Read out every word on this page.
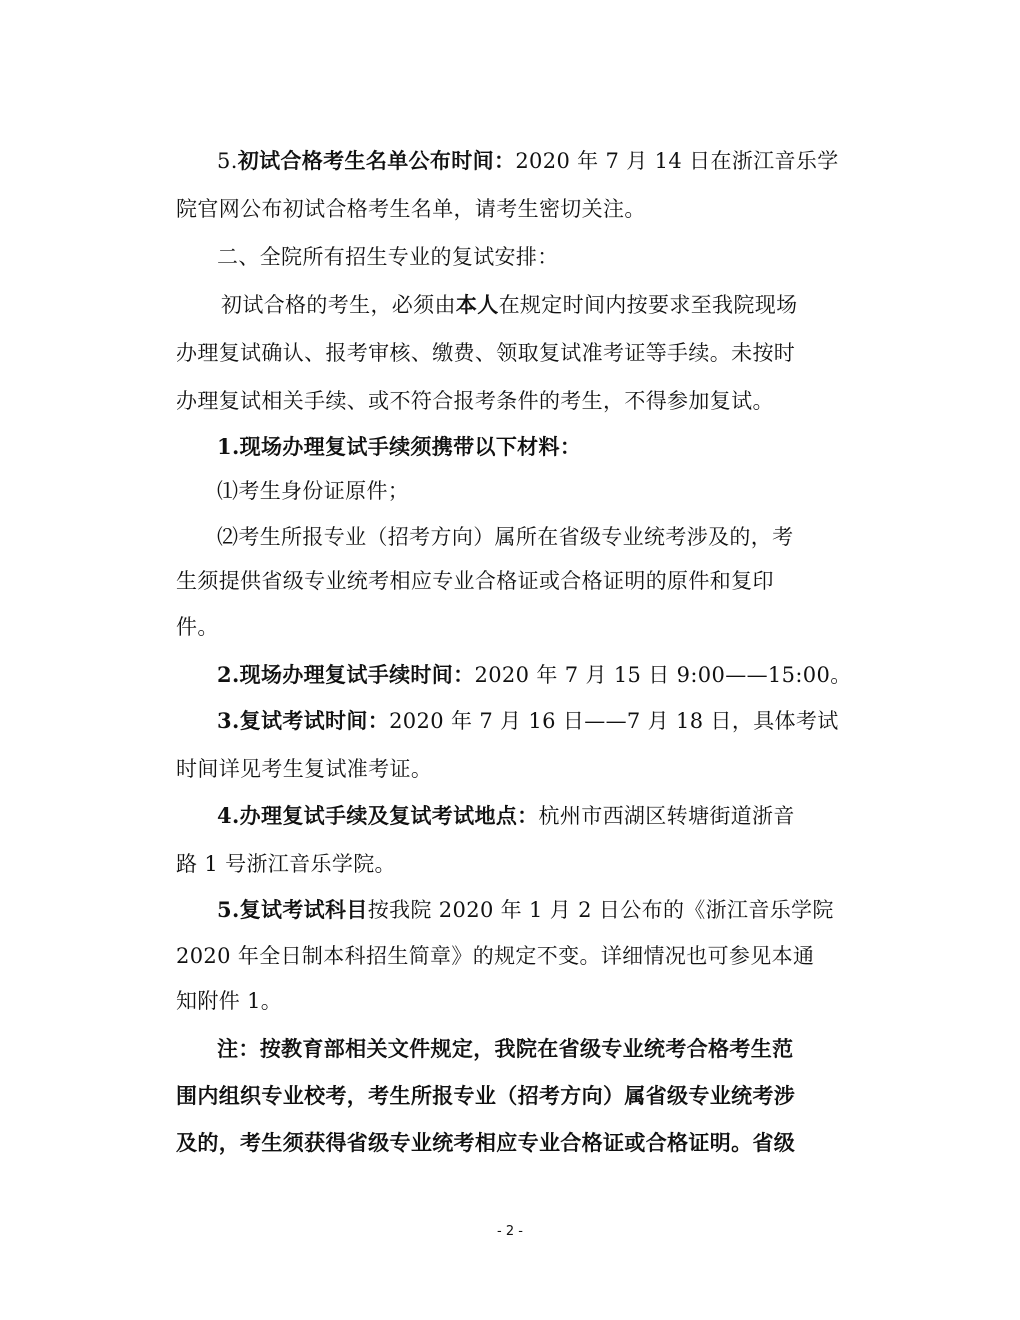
5.初试合格考生名单公布时间：2020 年 7 月 14 日在浙江音乐学
院官网公布初试合格考生名单，请考生密切关注。
二、全院所有招生专业的复试安排：
初试合格的考生，必须由本人在规定时间内按要求至我院现场
办理复试确认、报考审核、缴费、领取复试准考证等手续。未按时
办理复试相关手续、或不符合报考条件的考生，不得参加复试。
1.现场办理复试手续须携带以下材料：
⑴考生身份证原件；
⑵考生所报专业（招考方向）属所在省级专业统考涉及的，考
生须提供省级专业统考相应专业合格证或合格证明的原件和复印
件。
2.现场办理复试手续时间：2020 年 7 月 15 日 9:00——15:00。
3.复试考试时间：2020 年 7 月 16 日——7 月 18 日，具体考试
时间详见考生复试准考证。
4.办理复试手续及复试考试地点：杭州市西湖区转塘街道浙音
路 1 号浙江音乐学院。
5.复试考试科目按我院 2020 年 1 月 2 日公布的《浙江音乐学院
2020 年全日制本科招生简章》的规定不变。详细情况也可参见本通
知附件 1。
注：按教育部相关文件规定，我院在省级专业统考合格考生范
围内组织专业校考，考生所报专业（招考方向）属省级专业统考涉
及的，考生须获得省级专业统考相应专业合格证或合格证明。省级
- 2 -
